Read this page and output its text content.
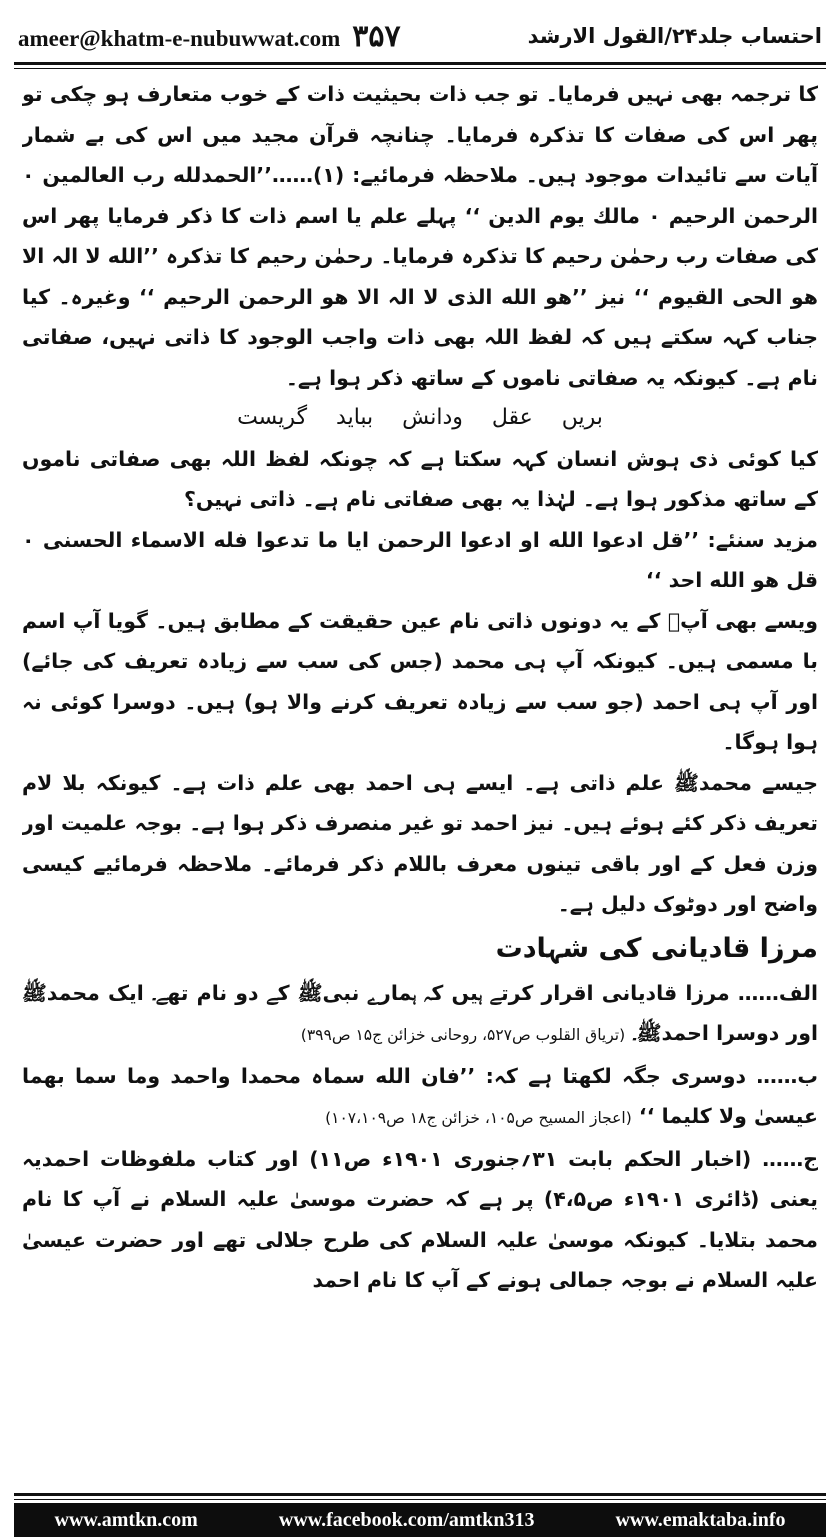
ameer@khatm-e-nubuwwat.com ۳۵۷	احتساب جلد۲۴/القول الارشد

کا ترجمہ بھی نہیں فرمایا۔ تو جب ذات بحیثیت ذات کے خوب متعارف ہو چکی تو پھر اس کی صفات کا تذکرہ فرمایا۔ چنانچہ قرآن مجید میں اس کی بے شمار آیات سے تائیدات موجود ہیں۔ ملاحظہ فرمائیے: (۱)……’’الحمدلله رب العالمین ۰ الرحمن الرحیم ۰ مالك یوم الدین ‘‘ پہلے علم یا اسم ذات کا ذکر فرمایا پھر اس کی صفات رب رحمٰن رحیم کا تذکرہ فرمایا۔ رحمٰن رحیم کا تذکرہ ’’الله لا الہ الا ھو الحی القیوم ‘‘ نیز ’’ھو الله الذی لا الہ الا ھو الرحمن الرحیم ‘‘ وغیرہ۔ کیا جناب کہہ سکتے ہیں کہ لفظ اللہ بھی ذات واجب الوجود کا ذاتی نہیں، صفاتی نام ہے۔ کیونکہ یہ صفاتی ناموں کے ساتھ ذکر ہوا ہے۔

بریں عقل ودانش بباید گریست

کیا کوئی ذی ہوش انسان کہہ سکتا ہے کہ چونکہ لفظ اللہ بھی صفاتی ناموں کے ساتھ مذکور ہوا ہے۔ لہٰذا یہ بھی صفاتی نام ہے۔ ذاتی نہیں؟

مزید سنئے: ’’قل ادعوا الله او ادعوا الرحمن ایا ما تدعوا فله الاسماء الحسنی ۰ قل ھو الله احد ‘‘

ویسے بھی آپؐ کے یہ دونوں ذاتی نام عین حقیقت کے مطابق ہیں۔ گویا آپ اسم با مسمی ہیں۔ کیونکہ آپ ہی محمد (جس کی سب سے زیادہ تعریف کی جائے) اور آپ ہی احمد (جو سب سے زیادہ تعریف کرنے والا ہو) ہیں۔ دوسرا کوئی نہ ہوا ہوگا۔

جیسے محمدﷺ علم ذاتی ہے۔ ایسے ہی احمد بھی علم ذات ہے۔ کیونکہ بلا لام تعریف ذکر کئے ہوئے ہیں۔ نیز احمد تو غیر منصرف ذکر ہوا ہے۔ بوجہ علمیت اور وزن فعل کے اور باقی تینوں معرف باللام ذکر فرمائے۔ ملاحظہ فرمائیے کیسی واضح اور دوٹوک دلیل ہے۔

مرزا قادیانی کی شہادت

الف…… مرزا قادیانی اقرار کرتے ہیں کہ ہمارے نبیﷺ کے دو نام تھے۔ ایک محمدﷺ اور دوسرا احمدﷺ۔ (تریاق القلوب ص۵۲۷، روحانی خزائن ج۱۵ ص۳۹۹)

ب…… دوسری جگہ لکھتا ہے کہ: ’’فان الله سماہ محمدا واحمد وما سما بھما عیسیٰ ولا کلیما ‘‘ (اعجاز المسیح ص۱۰۵، خزائن ج۱۸ ص۱۰۷،۱۰۹)

ج…… (اخبار الحکم بابت ۳۱؍جنوری ۱۹۰۱ء ص۱۱) اور کتاب ملفوظات احمدیہ یعنی (ڈائری ۱۹۰۱ء ص۴،۵) پر ہے کہ حضرت موسیٰ علیہ السلام نے آپ کا نام محمد بتلایا۔ کیونکہ موسیٰ علیہ السلام کی طرح جلالی تھے اور حضرت عیسیٰ علیہ السلام نے بوجہ جمالی ہونے کے آپ کا نام احمد

www.amtkn.com	www.facebook.com/amtkn313	www.emaktaba.info
